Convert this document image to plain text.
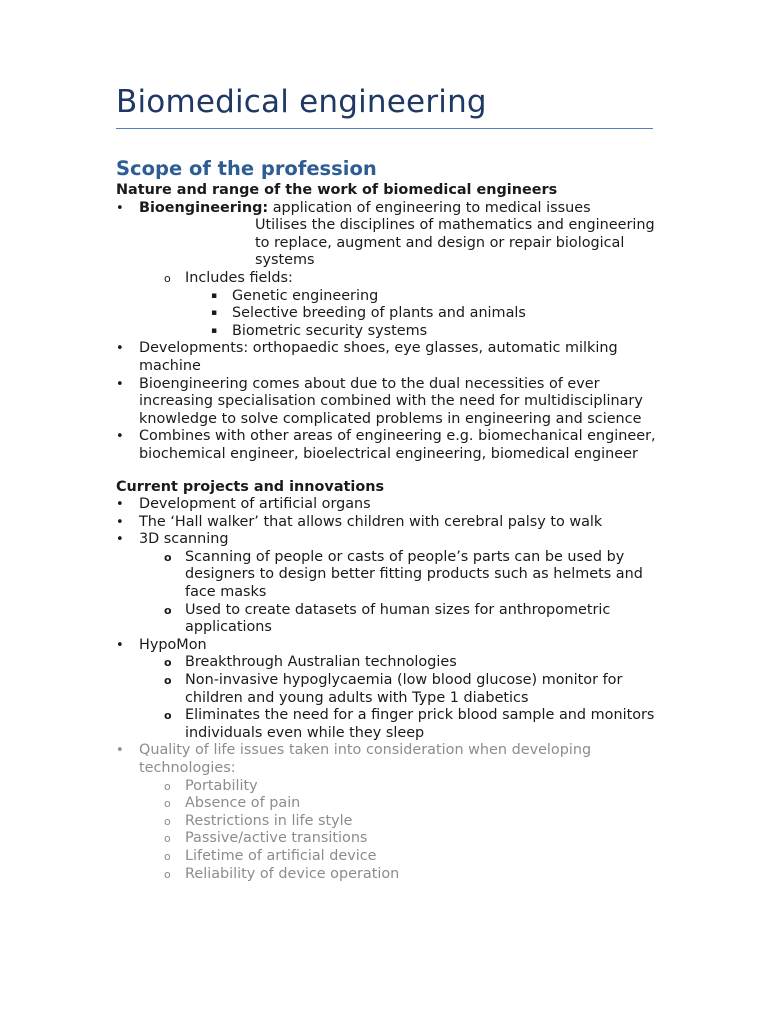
Biomedical engineering
Scope of the profession
Nature and range of the work of biomedical engineers
• Bioengineering: application of engineering to medical issues
Utilises the disciplines of mathematics and engineering to replace, augment and design or repair biological systems
o Includes fields:
▪ Genetic engineering
▪ Selective breeding of plants and animals
▪ Biometric security systems
• Developments: orthopaedic shoes, eye glasses, automatic milking machine
• Bioengineering comes about due to the dual necessities of ever increasing specialisation combined with the need for multidisciplinary knowledge to solve complicated problems in engineering and science
• Combines with other areas of engineering e.g. biomechanical engineer, biochemical engineer, bioelectrical engineering, biomedical engineer
Current projects and innovations
• Development of artificial organs
• The ‘Hall walker’ that allows children with cerebral palsy to walk
• 3D scanning
o Scanning of people or casts of people’s parts can be used by designers to design better fitting products such as helmets and face masks
o Used to create datasets of human sizes for anthropometric applications
• HypoMon
o Breakthrough Australian technologies
o Non-invasive hypoglycaemia (low blood glucose) monitor for children and young adults with Type 1 diabetics
o Eliminates the need for a finger prick blood sample and monitors individuals even while they sleep
• Quality of life issues taken into consideration when developing technologies:
o Portability
o Absence of pain
o Restrictions in life style
o Passive/active transitions
o Lifetime of artificial device
o Reliability of device operation
